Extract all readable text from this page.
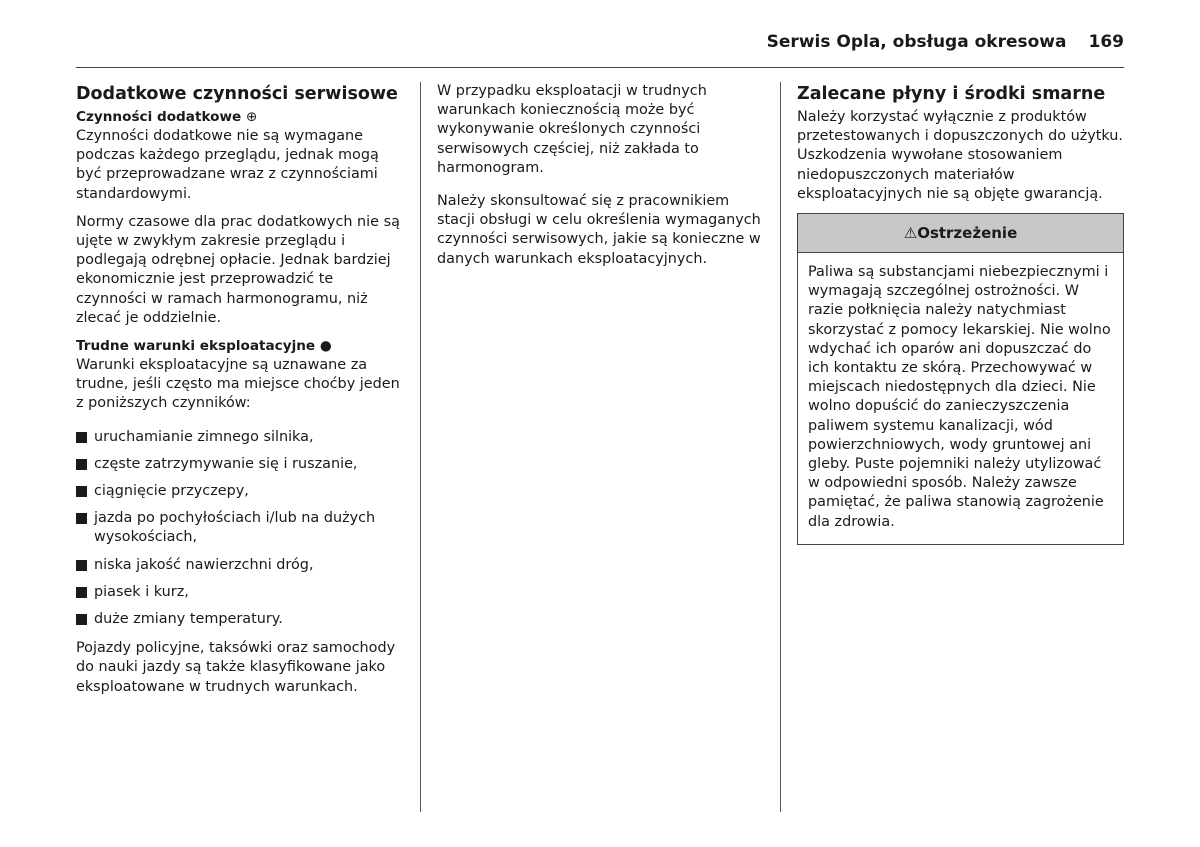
Serwis Opla, obsługa okresowa 169
Dodatkowe czynności serwisowe
Czynności dodatkowe ⊕

Czynności dodatkowe nie są wymagane podczas każdego przeglądu, jednak mogą być przeprowadzane wraz z czynnościami standardowymi.

Normy czasowe dla prac dodatkowych nie są ujęte w zwykłym zakresie przeglądu i podlegają odrębnej opłacie. Jednak bardziej ekonomicznie jest przeprowadzić te czynności w ramach harmonogramu, niż zlecać je oddzielnie.

Trudne warunki eksploatacyjne ●

Warunki eksploatacyjne są uznawane za trudne, jeśli często ma miejsce choćby jeden z poniższych czynników:

uruchamianie zimnego silnika,
częste zatrzymywanie się i ruszanie,
ciągnięcie przyczepy,
jazda po pochyłościach i/lub na dużych wysokościach,
niska jakość nawierzchni dróg,
piasek i kurz,
duże zmiany temperatury.

Pojazdy policyjne, taksówki oraz samochody do nauki jazdy są także klasyfikowane jako eksploatowane w trudnych warunkach.

W przypadku eksploatacji w trudnych warunkach koniecznością może być wykonywanie określonych czynności serwisowych częściej, niż zakłada to harmonogram.

Należy skonsultować się z pracownikiem stacji obsługi w celu określenia wymaganych czynności serwisowych, jakie są konieczne w danych warunkach eksploatacyjnych.

Zalecane płyny i środki smarne

Należy korzystać wyłącznie z produktów przetestowanych i dopuszczonych do użytku. Uszkodzenia wywołane stosowaniem niedopuszczonych materiałów eksploatacyjnych nie są objęte gwarancją.

⚠Ostrzeżenie

Paliwa są substancjami niebezpiecznymi i wymagają szczególnej ostrożności. W razie połknięcia należy natychmiast skorzystać z pomocy lekarskiej. Nie wolno wdychać ich oparów ani dopuszczać do ich kontaktu ze skórą. Przechowywać w miejscach niedostępnych dla dzieci. Nie wolno dopuścić do zanieczyszczenia paliwem systemu kanalizacji, wód powierzchniowych, wody gruntowej ani gleby. Puste pojemniki należy utylizować w odpowiedni sposób. Należy zawsze pamiętać, że paliwa stanowią zagrożenie dla zdrowia.
